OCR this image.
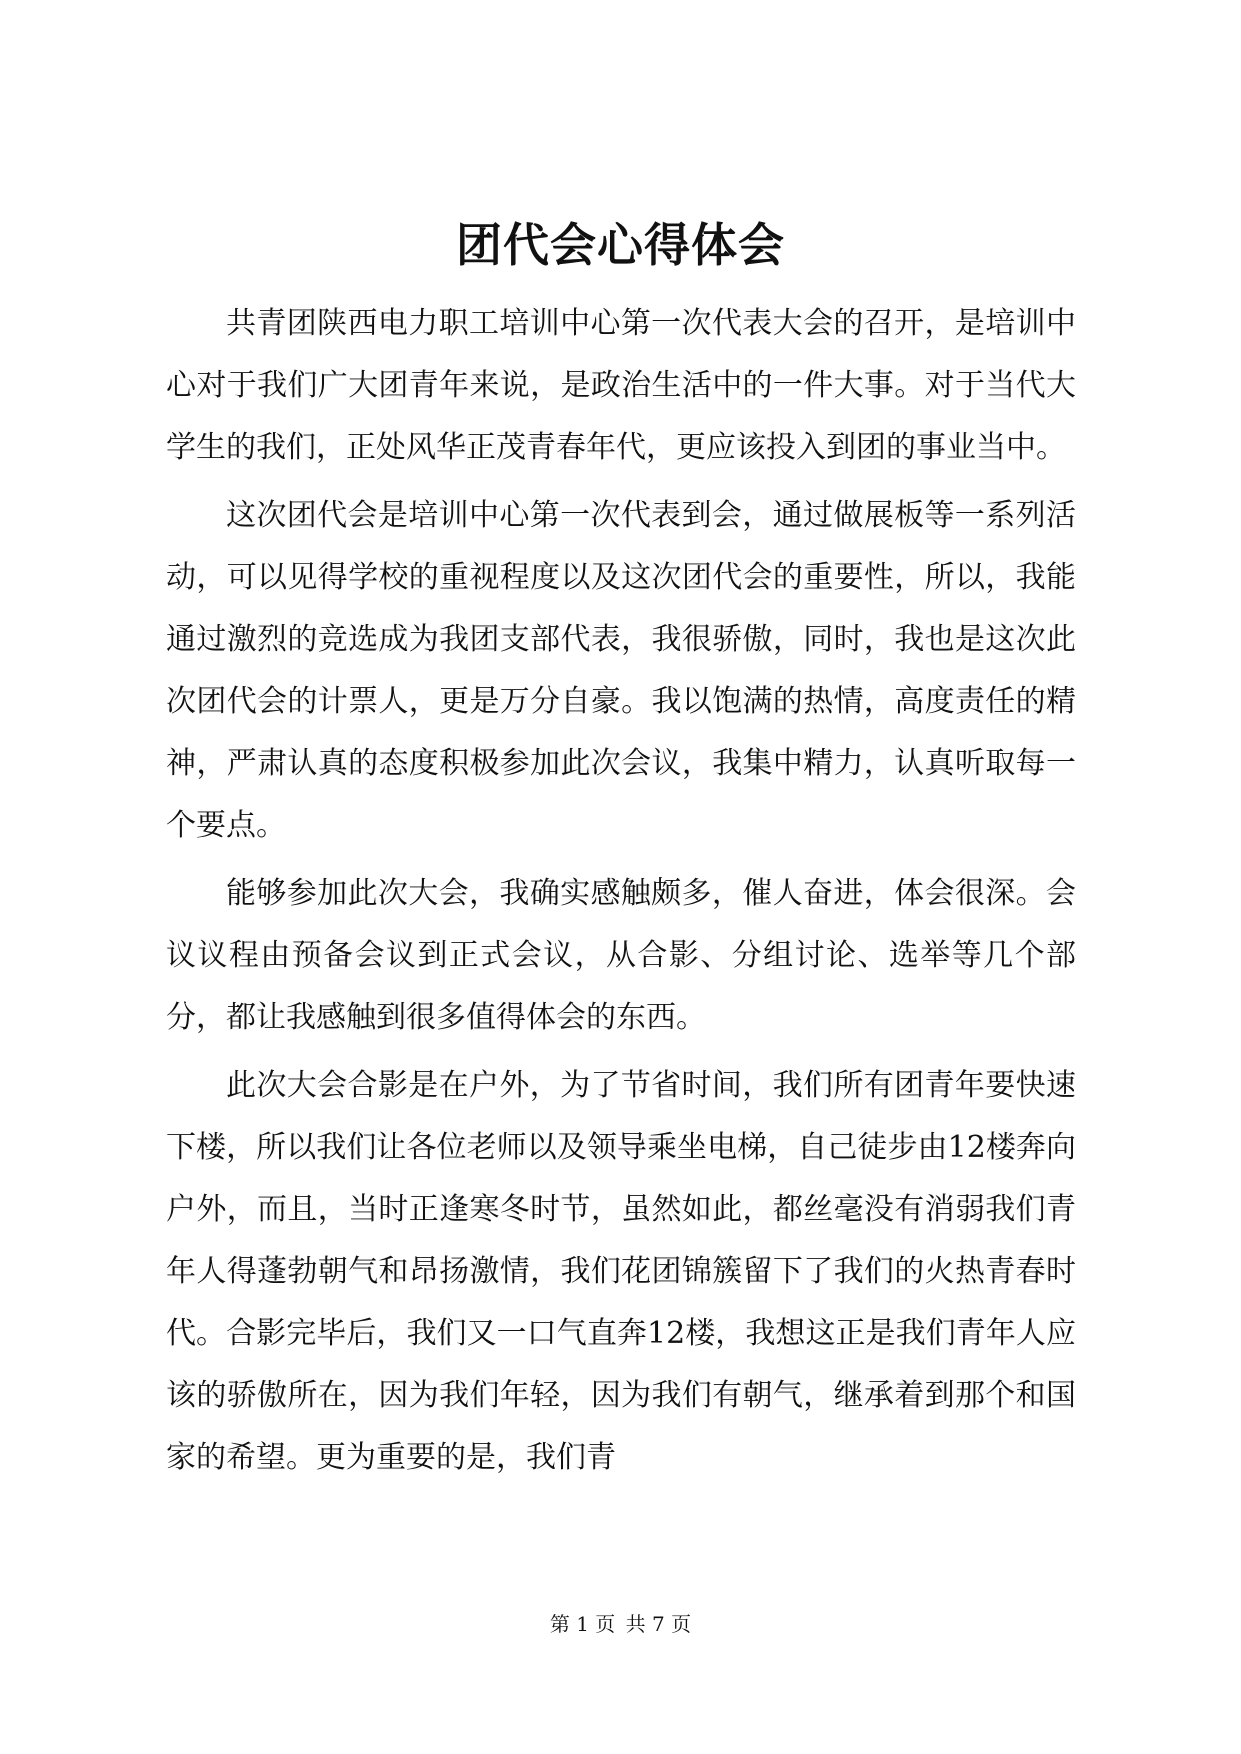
团代会心得体会

共青团陕西电力职工培训中心第一次代表大会的召开，是培训中心对于我们广大团青年来说，是政治生活中的一件大事。对于当代大学生的我们，正处风华正茂青春年代，更应该投入到团的事业当中。

这次团代会是培训中心第一次代表到会，通过做展板等一系列活动，可以见得学校的重视程度以及这次团代会的重要性，所以，我能通过激烈的竞选成为我团支部代表，我很骄傲，同时，我也是这次此次团代会的计票人，更是万分自豪。我以饱满的热情，高度责任的精神，严肃认真的态度积极参加此次会议，我集中精力，认真听取每一个要点。

能够参加此次大会，我确实感触颇多，催人奋进，体会很深。会议议程由预备会议到正式会议，从合影、分组讨论、选举等几个部分，都让我感触到很多值得体会的东西。

此次大会合影是在户外，为了节省时间，我们所有团青年要快速下楼，所以我们让各位老师以及领导乘坐电梯，自己徒步由12楼奔向户外，而且，当时正逢寒冬时节，虽然如此，都丝毫没有消弱我们青年人得蓬勃朝气和昂扬激情，我们花团锦簇留下了我们的火热青春时代。合影完毕后，我们又一口气直奔12楼，我想这正是我们青年人应该的骄傲所在，因为我们年轻，因为我们有朝气，继承着到那个和国家的希望。更为重要的是，我们青

第 1 页 共 7 页
